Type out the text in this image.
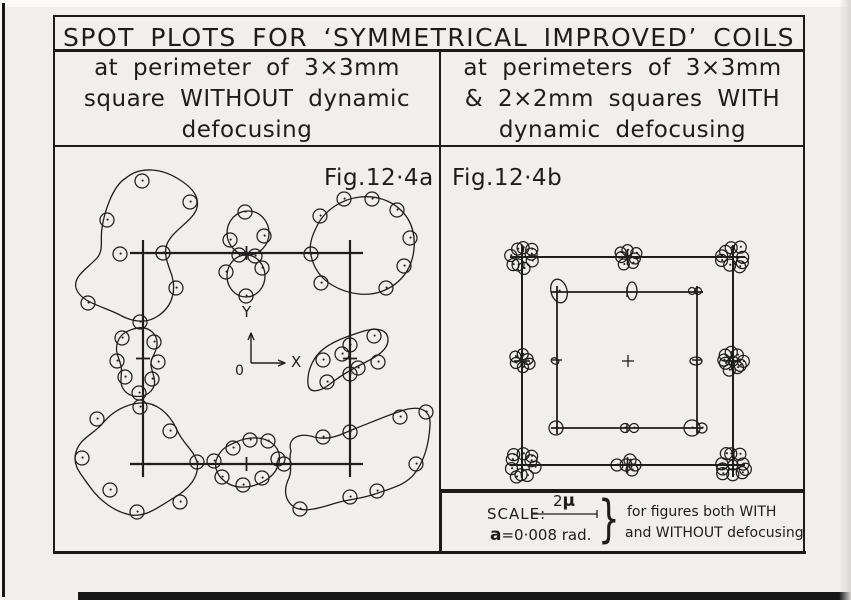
SPOT PLOTS FOR ‘SYMMETRICAL IMPROVED’ COILS
at perimeter of 3×3mm
square WITHOUT dynamic
defocusing
at perimeters of 3×3mm
& 2×2mm squares WITH
dynamic defocusing
Fig.12·4a Fig.12·4b
Y
X
0
SCALE:
2μ
a=0·008 rad. } for figures both WITH
and WITHOUT defocusing
